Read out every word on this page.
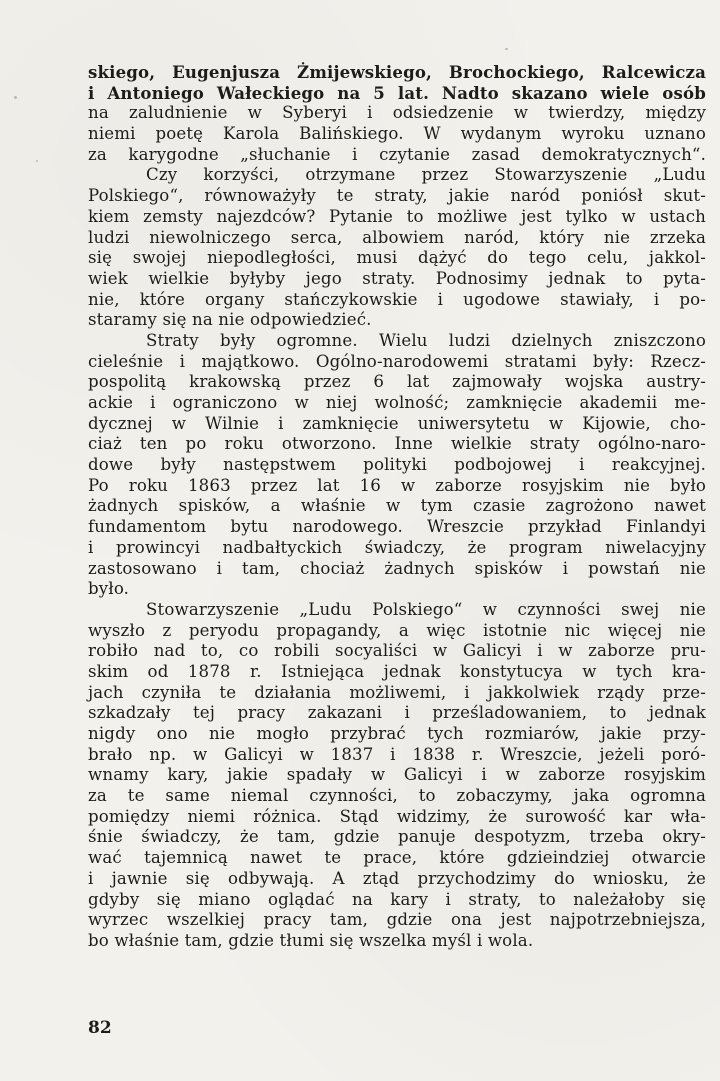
skiego, Eugenjusza Żmijewskiego, Brochockiego, Ralcewicza
i Antoniego Wałeckiego na 5 lat. Nadto skazano wiele osób
na zaludnienie w Syberyi i odsiedzenie w twierdzy, między
niemi poetę Karola Balińskiego. W wydanym wyroku uznano
za karygodne „słuchanie i czytanie zasad demokratycznych“.
Czy korzyści, otrzymane przez Stowarzyszenie „Ludu
Polskiego“, równoważyły te straty, jakie naród poniósł skut-
kiem zemsty najezdców? Pytanie to możliwe jest tylko w ustach
ludzi niewolniczego serca, albowiem naród, który nie zrzeka
się swojej niepodległości, musi dążyć do tego celu, jakkol-
wiek wielkie byłyby jego straty. Podnosimy jednak to pyta-
nie, które organy stańczykowskie i ugodowe stawiały, i po-
staramy się na nie odpowiedzieć.
Straty były ogromne. Wielu ludzi dzielnych zniszczono
cieleśnie i majątkowo. Ogólno-narodowemi stratami były: Rzecz-
pospolitą krakowską przez 6 lat zajmowały wojska austry-
ackie i ograniczono w niej wolność; zamknięcie akademii me-
dycznej w Wilnie i zamknięcie uniwersytetu w Kijowie, cho-
ciaż ten po roku otworzono. Inne wielkie straty ogólno-naro-
dowe były następstwem polityki podbojowej i reakcyjnej.
Po roku 1863 przez lat 16 w zaborze rosyjskim nie było
żadnych spisków, a właśnie w tym czasie zagrożono nawet
fundamentom bytu narodowego. Wreszcie przykład Finlandyi
i prowincyi nadbałtyckich świadczy, że program niwelacyjny
zastosowano i tam, chociaż żadnych spisków i powstań nie
było.
Stowarzyszenie „Ludu Polskiego“ w czynności swej nie
wyszło z peryodu propagandy, a więc istotnie nic więcej nie
robiło nad to, co robili socyaliści w Galicyi i w zaborze pru-
skim od 1878 r. Istniejąca jednak konstytucya w tych kra-
jach czyniła te działania możliwemi, i jakkolwiek rządy prze-
szkadzały tej pracy zakazani i prześladowaniem, to jednak
nigdy ono nie mogło przybrać tych rozmiarów, jakie przy-
brało np. w Galicyi w 1837 i 1838 r. Wreszcie, jeżeli poró-
wnamy kary, jakie spadały w Galicyi i w zaborze rosyjskim
za te same niemal czynności, to zobaczymy, jaka ogromna
pomiędzy niemi różnica. Stąd widzimy, że surowość kar wła-
śnie świadczy, że tam, gdzie panuje despotyzm, trzeba okry-
wać tajemnicą nawet te prace, które gdzieindziej otwarcie
i jawnie się odbywają. A ztąd przychodzimy do wniosku, że
gdyby się miano oglądać na kary i straty, to należałoby się
wyrzec wszelkiej pracy tam, gdzie ona jest najpotrzebniejsza,
bo właśnie tam, gdzie tłumi się wszelka myśl i wola.
82
